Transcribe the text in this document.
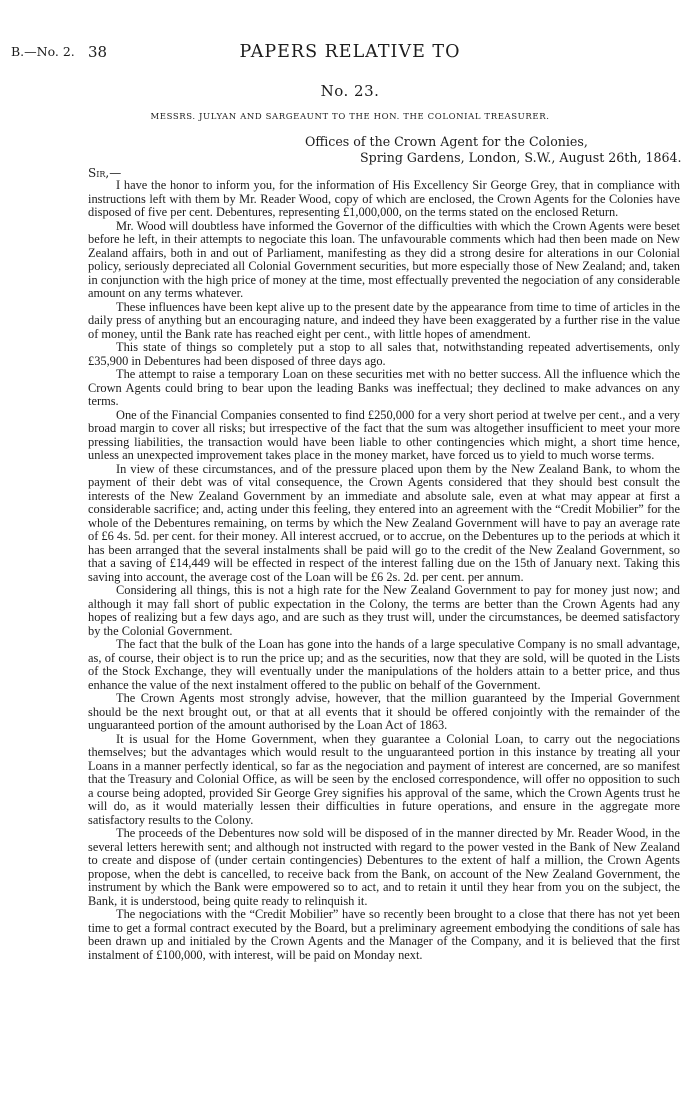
B.—No. 2. 38	PAPERS RELATIVE TO
No. 23.
MESSRS. JULYAN AND SARGEAUNT TO THE HON. THE COLONIAL TREASURER.
Offices of the Crown Agent for the Colonies,
Spring Gardens, London, S.W., August 26th, 1864.
Sir,—

I have the honor to inform you, for the information of His Excellency Sir George Grey, that in compliance with instructions left with them by Mr. Reader Wood, copy of which are enclosed, the Crown Agents for the Colonies have disposed of five per cent. Debentures, representing £1,000,000, on the terms stated on the enclosed Return.

Mr. Wood will doubtless have informed the Governor of the difficulties with which the Crown Agents were beset before he left, in their attempts to negociate this loan. The unfavourable comments which had then been made on New Zealand affairs, both in and out of Parliament, manifesting as they did a strong desire for alterations in our Colonial policy, seriously depreciated all Colonial Government securities, but more especially those of New Zealand; and, taken in conjunction with the high price of money at the time, most effectually prevented the negociation of any considerable amount on any terms whatever.

These influences have been kept alive up to the present date by the appearance from time to time of articles in the daily press of anything but an encouraging nature, and indeed they have been exaggerated by a further rise in the value of money, until the Bank rate has reached eight per cent., with little hopes of amendment.

This state of things so completely put a stop to all sales that, notwithstanding repeated advertisements, only £35,900 in Debentures had been disposed of three days ago.

The attempt to raise a temporary Loan on these securities met with no better success. All the influence which the Crown Agents could bring to bear upon the leading Banks was ineffectual; they declined to make advances on any terms.

One of the Financial Companies consented to find £250,000 for a very short period at twelve per cent., and a very broad margin to cover all risks; but irrespective of the fact that the sum was altogether insufficient to meet your more pressing liabilities, the transaction would have been liable to other contingencies which might, a short time hence, unless an unexpected improvement takes place in the money market, have forced us to yield to much worse terms.

In view of these circumstances, and of the pressure placed upon them by the New Zealand Bank, to whom the payment of their debt was of vital consequence, the Crown Agents considered that they should best consult the interests of the New Zealand Government by an immediate and absolute sale, even at what may appear at first a considerable sacrifice; and, acting under this feeling, they entered into an agreement with the “Credit Mobilier” for the whole of the Debentures remaining, on terms by which the New Zealand Government will have to pay an average rate of £6 4s. 5d. per cent. for their money. All interest accrued, or to accrue, on the Debentures up to the periods at which it has been arranged that the several instalments shall be paid will go to the credit of the New Zealand Government, so that a saving of £14,449 will be effected in respect of the interest falling due on the 15th of January next. Taking this saving into account, the average cost of the Loan will be £6 2s. 2d. per cent. per annum.

Considering all things, this is not a high rate for the New Zealand Government to pay for money just now; and although it may fall short of public expectation in the Colony, the terms are better than the Crown Agents had any hopes of realizing but a few days ago, and are such as they trust will, under the circumstances, be deemed satisfactory by the Colonial Government.

The fact that the bulk of the Loan has gone into the hands of a large speculative Company is no small advantage, as, of course, their object is to run the price up; and as the securities, now that they are sold, will be quoted in the Lists of the Stock Exchange, they will eventually under the manipulations of the holders attain to a better price, and thus enhance the value of the next instalment offered to the public on behalf of the Government.

The Crown Agents most strongly advise, however, that the million guaranteed by the Imperial Government should be the next brought out, or that at all events that it should be offered conjointly with the remainder of the unguaranteed portion of the amount authorised by the Loan Act of 1863.

It is usual for the Home Government, when they guarantee a Colonial Loan, to carry out the negociations themselves; but the advantages which would result to the unguaranteed portion in this instance by treating all your Loans in a manner perfectly identical, so far as the negociation and payment of interest are concerned, are so manifest that the Treasury and Colonial Office, as will be seen by the enclosed correspondence, will offer no opposition to such a course being adopted, provided Sir George Grey signifies his approval of the same, which the Crown Agents trust he will do, as it would materially lessen their difficulties in future operations, and ensure in the aggregate more satisfactory results to the Colony.

The proceeds of the Debentures now sold will be disposed of in the manner directed by Mr. Reader Wood, in the several letters herewith sent; and although not instructed with regard to the power vested in the Bank of New Zealand to create and dispose of (under certain contingencies) Debentures to the extent of half a million, the Crown Agents propose, when the debt is cancelled, to receive back from the Bank, on account of the New Zealand Government, the instrument by which the Bank were empowered so to act, and to retain it until they hear from you on the subject, the Bank, it is understood, being quite ready to relinquish it.

The negociations with the “Credit Mobilier” have so recently been brought to a close that there has not yet been time to get a formal contract executed by the Board, but a preliminary agreement embodying the conditions of sale has been drawn up and initialed by the Crown Agents and the Manager of the Company, and it is believed that the first instalment of £100,000, with interest, will be paid on Monday next.
